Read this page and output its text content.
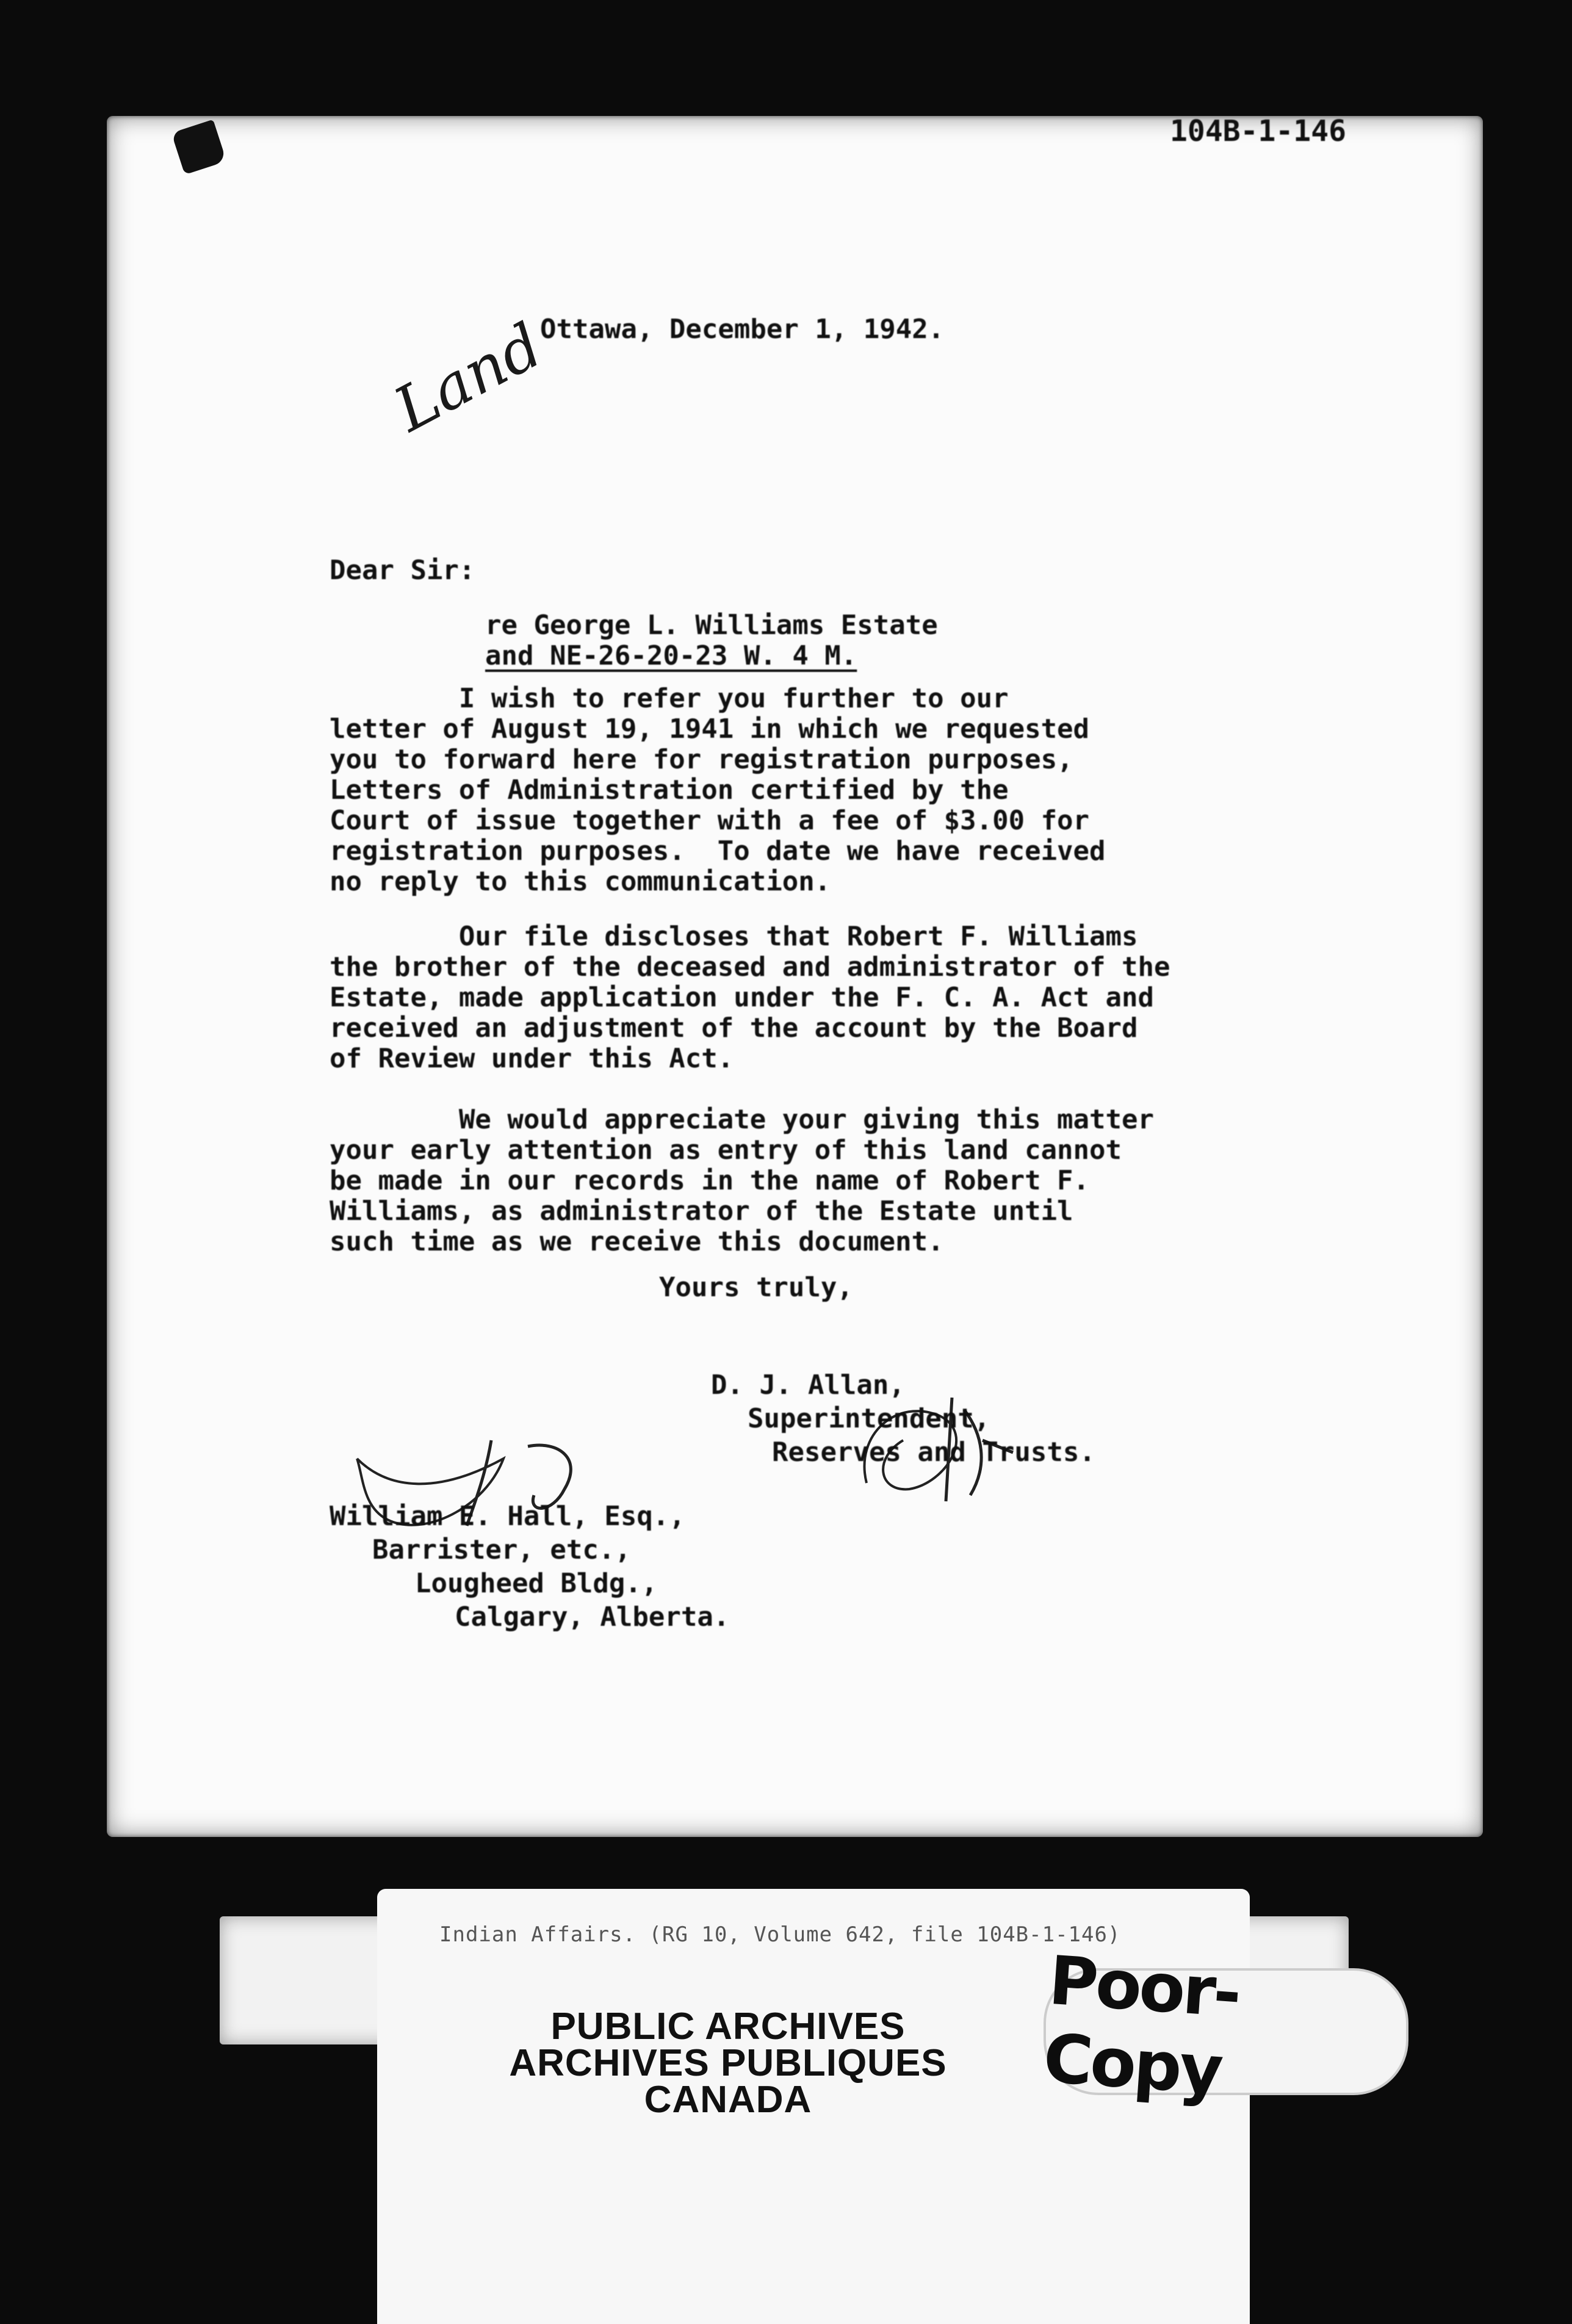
104B-1-146
Land
Ottawa, December 1, 1942.
Dear Sir:
re George L. Williams Estate
and NE-26-20-23 W. 4 M.
I wish to refer you further to our
letter of August 19, 1941 in which we requested
you to forward here for registration purposes,
Letters of Administration certified by the
Court of issue together with a fee of $3.00 for
registration purposes.  To date we have received
no reply to this communication.
Our file discloses that Robert F. Williams
the brother of the deceased and administrator of the
Estate, made application under the F. C. A. Act and
received an adjustment of the account by the Board
of Review under this Act.
We would appreciate your giving this matter
your early attention as entry of this land cannot
be made in our records in the name of Robert F.
Williams, as administrator of the Estate until
such time as we receive this document.
Yours truly,
D. J. Allan,
Superintendent,
Reserves and Trusts.
William E. Hall, Esq.,
Barrister, etc.,
Lougheed Bldg.,
Calgary, Alberta.
Indian Affairs. (RG 10, Volume 642, file 104B-1-146)
PUBLIC ARCHIVES
ARCHIVES PUBLIQUES
CANADA
Poor-Copy
